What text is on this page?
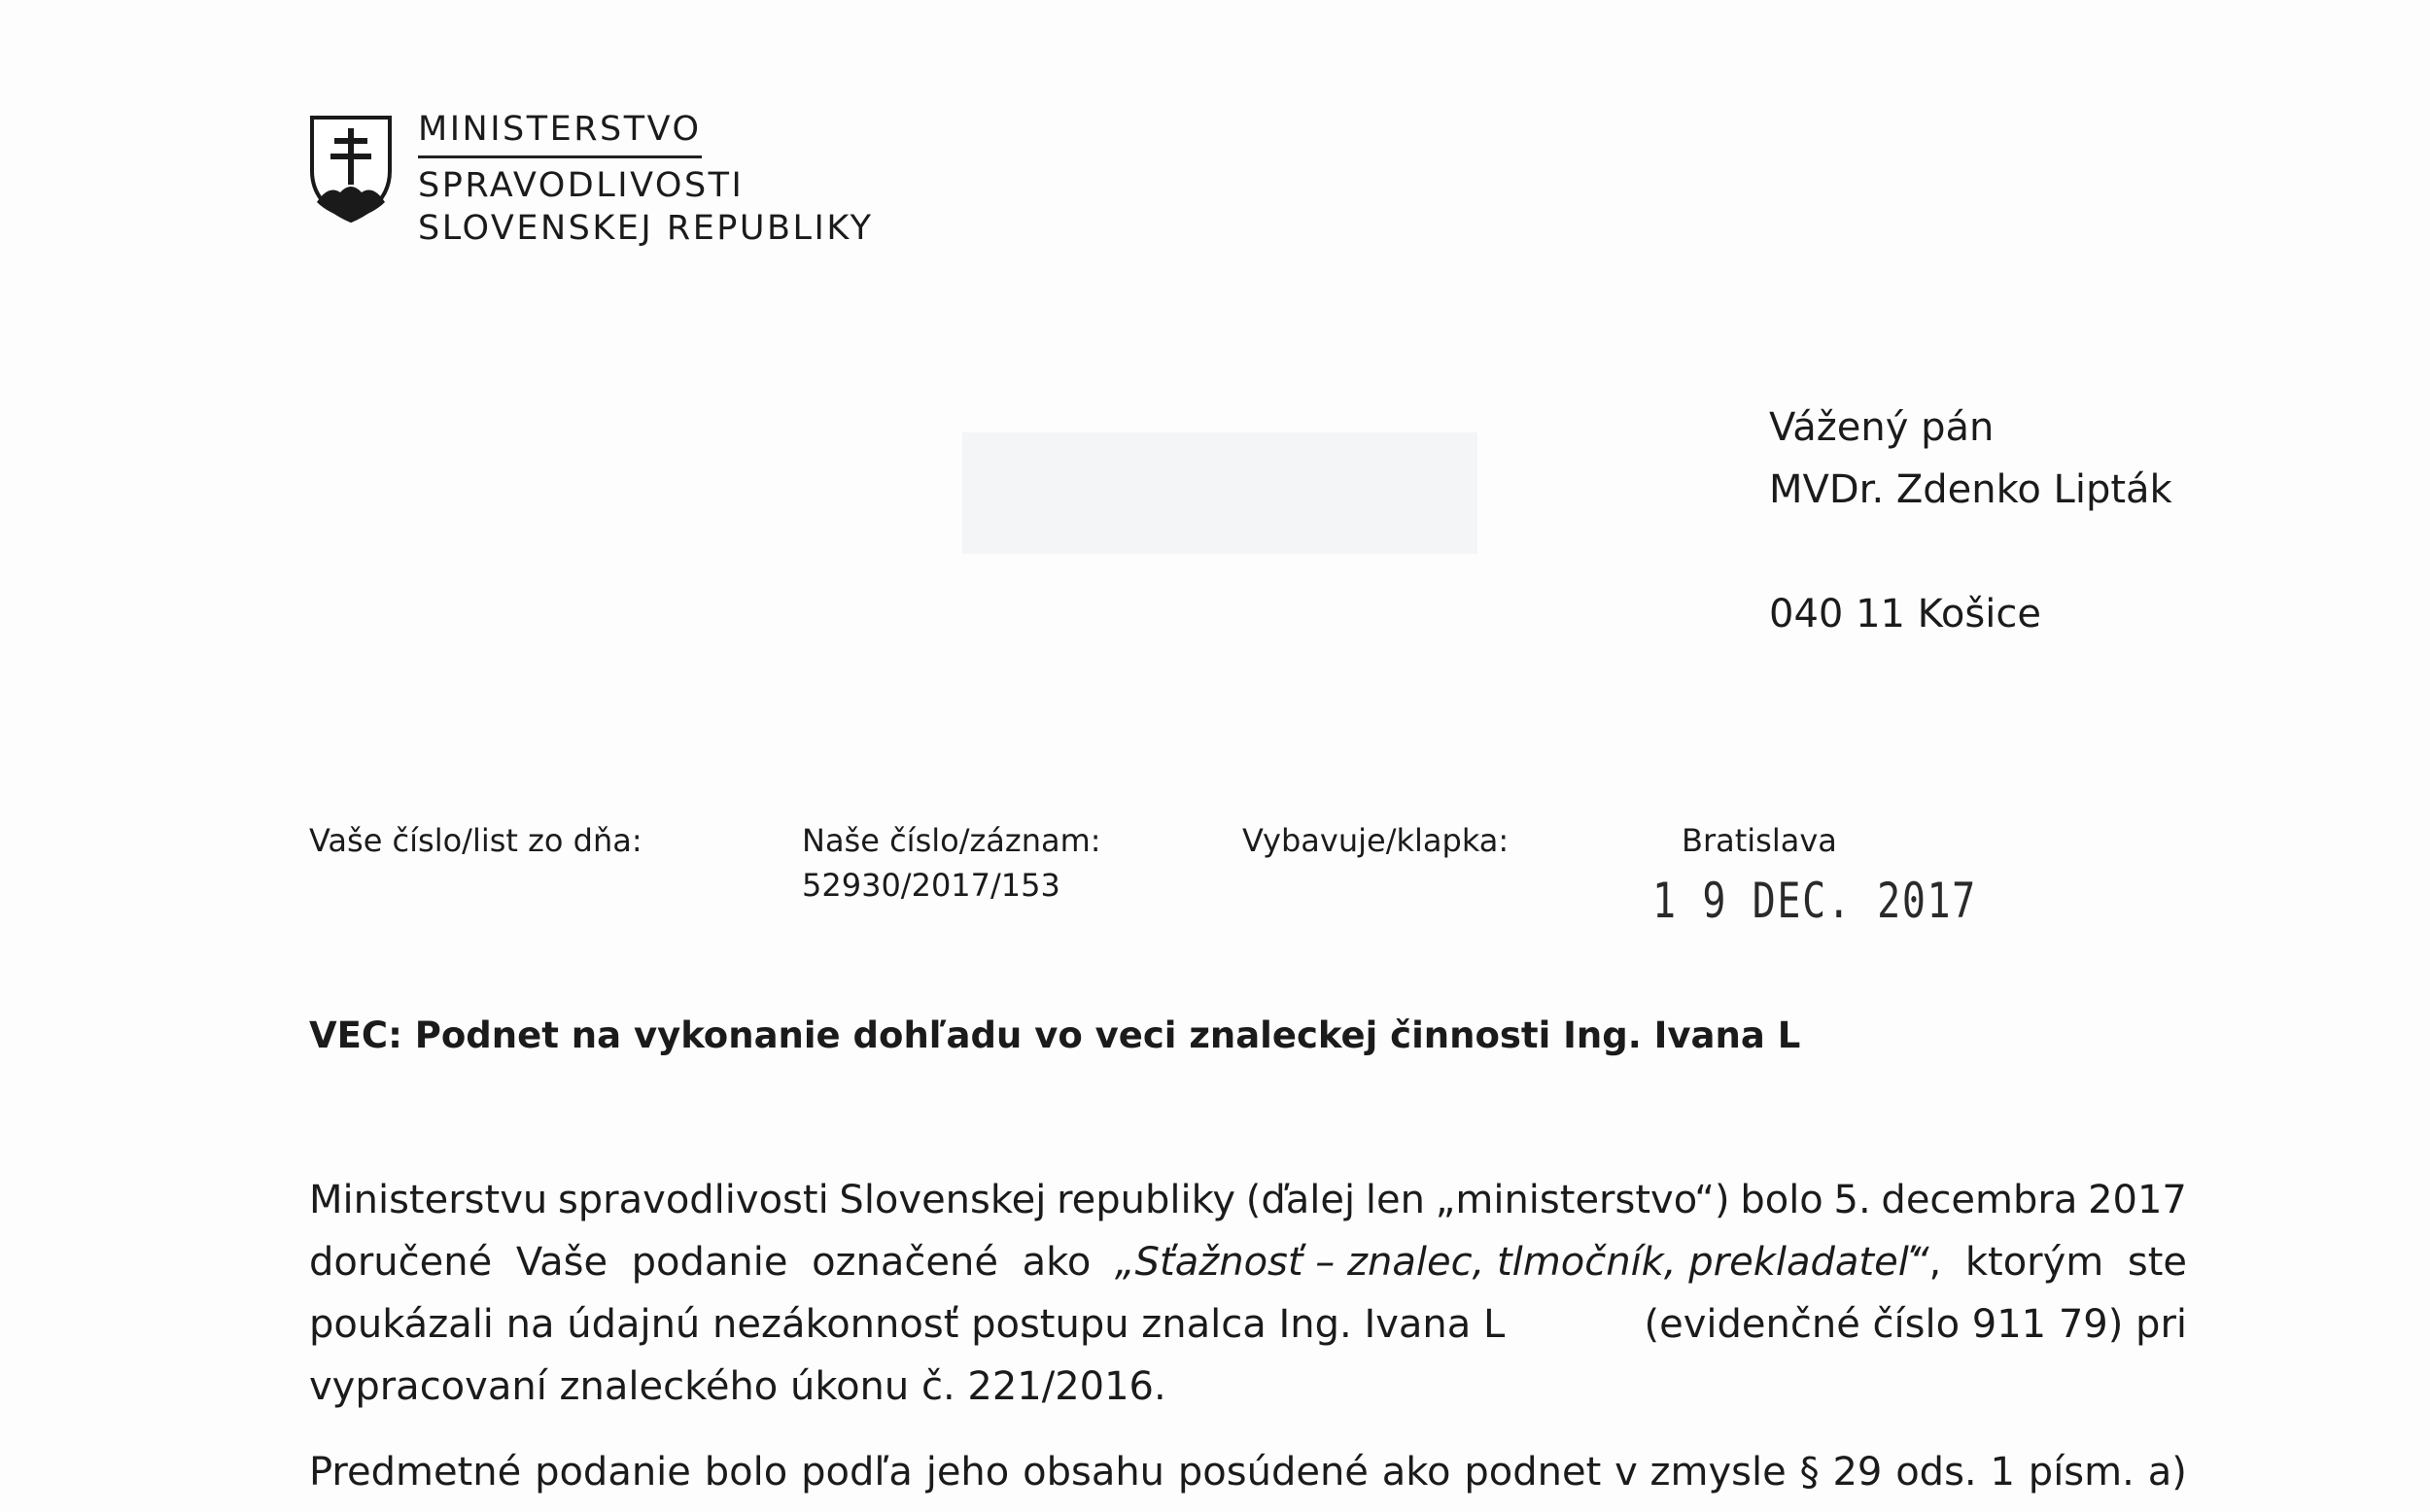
MINISTERSTVO
SPRAVODLIVOSTI
SLOVENSKEJ REPUBLIKY
Vážený pán
MVDr. Zdenko Lipták
040 11 Košice
Vaše číslo/list zo dňa:	Naše číslo/záznam:
52930/2017/153
Vybavuje/klapka:	Bratislava
1 9 DEC. 2017
VEC: Podnet na vykonanie dohľadu vo veci znaleckej činnosti Ing. Ivana L
Ministerstvu spravodlivosti Slovenskej republiky (ďalej len „ministerstvo“) bolo 5. decembra 2017
doručené Vaše podanie označené ako „Sťažnosť – znalec, tlmočník, prekladateľ“, ktorým ste
poukázali na údajnú nezákonnosť postupu znalca Ing. Ivana L	(evidenčné číslo 911 79) pri
vypracovaní znaleckého úkonu č. 221/2016.
Predmetné podanie bolo podľa jeho obsahu posúdené ako podnet v zmysle § 29 ods. 1 písm. a)
